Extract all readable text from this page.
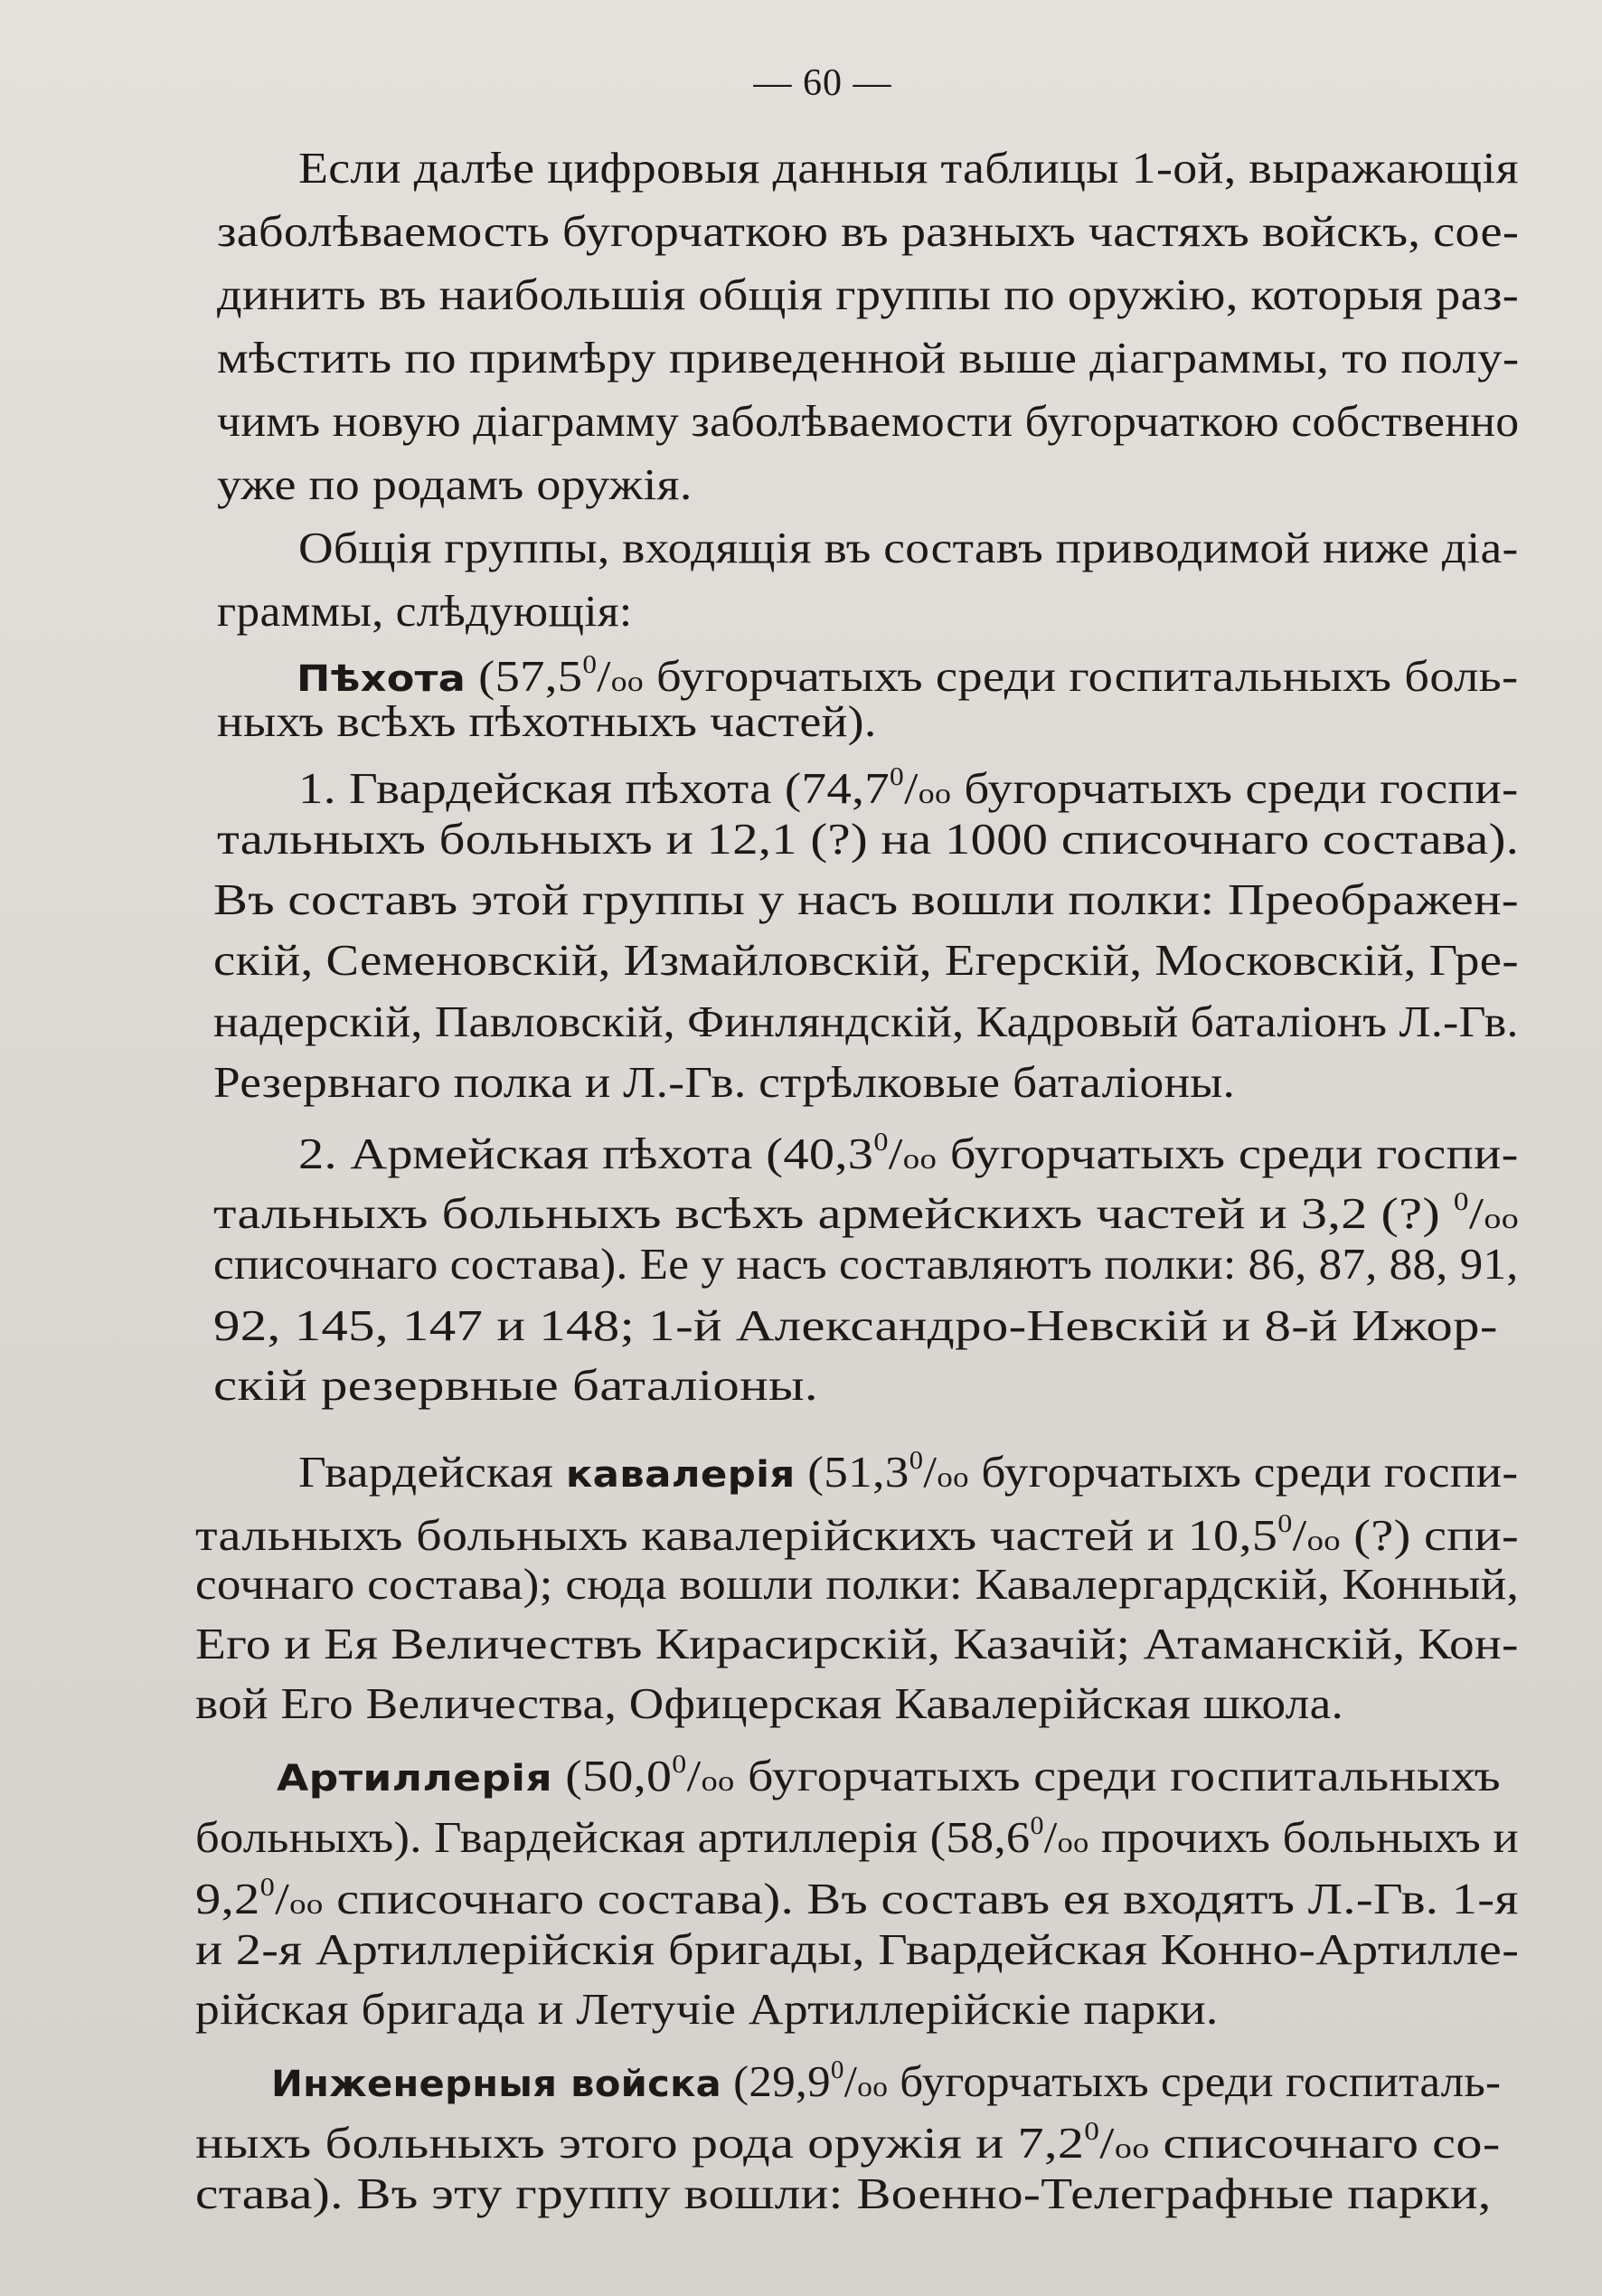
— 60 —
Если далѣе цифровыя данныя таблицы 1-ой, выражающія
заболѣваемость бугорчаткою въ разныхъ частяхъ войскъ, сое-
динить въ наибольшія общія группы по оружію, которыя раз-
мѣстить по примѣру приведенной выше діаграммы, то полу-
чимъ новую діаграмму заболѣваемости бугорчаткою собственно
уже по родамъ оружія.
Общія группы, входящія въ составъ приводимой ниже діа-
граммы, слѣдующія:
Пѣхота (57,5$^0$/oo бугорчатыхъ среди госпитальныхъ боль-
ныхъ всѣхъ пѣхотныхъ частей).
1. Гвардейская пѣхота (74,7$^0$/oo бугорчатыхъ среди госпи-
тальныхъ больныхъ и 12,1 (?) на 1000 списочнаго состава).
Въ составъ этой группы у насъ вошли полки: Преображен-
скій, Семеновскій, Измайловскій, Егерскій, Московскій, Гре-
надерскій, Павловскій, Финляндскій, Кадровый баталіонъ Л.-Гв.
Резервнаго полка и Л.-Гв. стрѣлковые баталіоны.
2. Армейская пѣхота (40,3$^0$/oo бугорчатыхъ среди госпи-
тальныхъ больныхъ всѣхъ армейскихъ частей и 3,2 (?) $^0$/oo
списочнаго состава). Ее у насъ составляютъ полки: 86, 87, 88, 91,
92, 145, 147 и 148; 1-й Александро-Невскій и 8-й Ижор-
скій резервные баталіоны.
Гвардейская кавалерія (51,3$^0$/oo бугорчатыхъ среди госпи-
тальныхъ больныхъ кавалерійскихъ частей и 10,5$^0$/oo (?) спи-
сочнаго состава); сюда вошли полки: Кавалергардскій, Конный,
Его и Ея Величествъ Кирасирскій, Казачій; Атаманскій, Кон-
вой Его Величества, Офицерская Кавалерійская школа.
Артиллерія (50,0$^0$/oo бугорчатыхъ среди госпитальныхъ
больныхъ). Гвардейская артиллерія (58,6$^0$/oo прочихъ больныхъ и
$9,2^0/oo$ списочнаго состава). Въ составъ ея входятъ Л.-Гв. 1-я
и 2-я Артиллерійскія бригады, Гвардейская Конно-Артилле-
рійская бригада и Летучіе Артиллерійскіе парки.
Инженерныя войска (29,9$^0$/oo бугорчатыхъ среди госпиталь-
ныхъ больныхъ этого рода оружія и $7,2^0/oo$ списочнаго со-
става). Въ эту группу вошли: Военно-Телеграфные парки,
